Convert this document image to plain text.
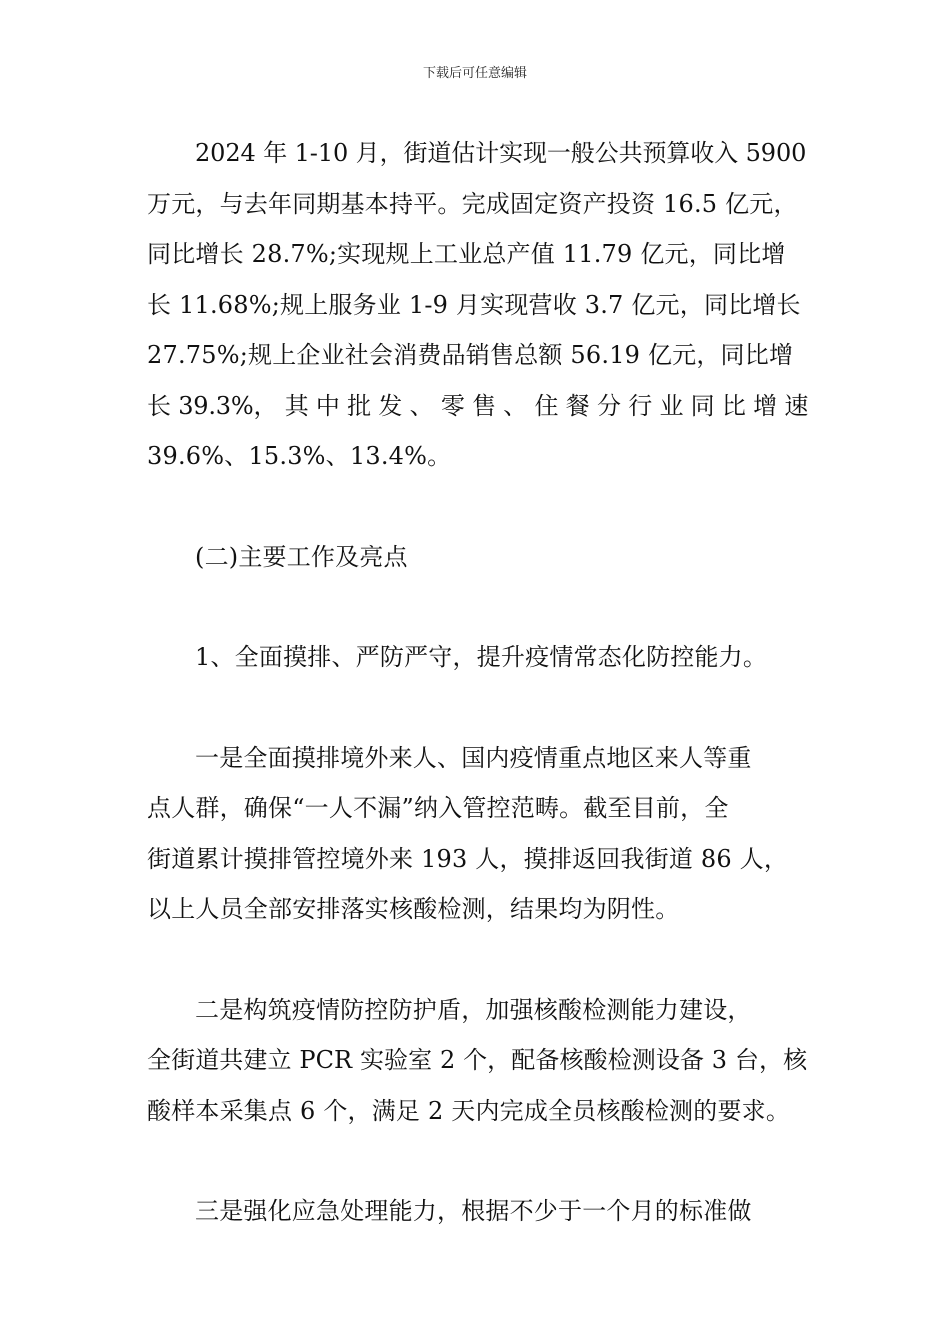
下载后可任意编辑
2024 年 1-10 月，街道估计实现一般公共预算收入 5900
万元，与去年同期基本持平。完成固定资产投资 16.5 亿元，
同比增长 28.7%;实现规上工业总产值 11.79 亿元，同比增
长 11.68%;规上服务业 1-9 月实现营收 3.7 亿元，同比增长
27.75%;规上企业社会消费品销售总额 56.19 亿元，同比增
长 39.3%， 其 中 批 发 、 零 售 、 住 餐 分 行 业 同 比 增 速
39.6%、15.3%、13.4%。
(二)主要工作及亮点
1、全面摸排、严防严守，提升疫情常态化防控能力。
一是全面摸排境外来人、国内疫情重点地区来人等重
点人群，确保“一人不漏”纳入管控范畴。截至目前，全
街道累计摸排管控境外来 193 人，摸排返回我街道 86 人，
以上人员全部安排落实核酸检测，结果均为阴性。
二是构筑疫情防控防护盾，加强核酸检测能力建设，
全街道共建立 PCR 实验室 2 个，配备核酸检测设备 3 台，核
酸样本采集点 6 个，满足 2 天内完成全员核酸检测的要求。
三是强化应急处理能力，根据不少于一个月的标准做
